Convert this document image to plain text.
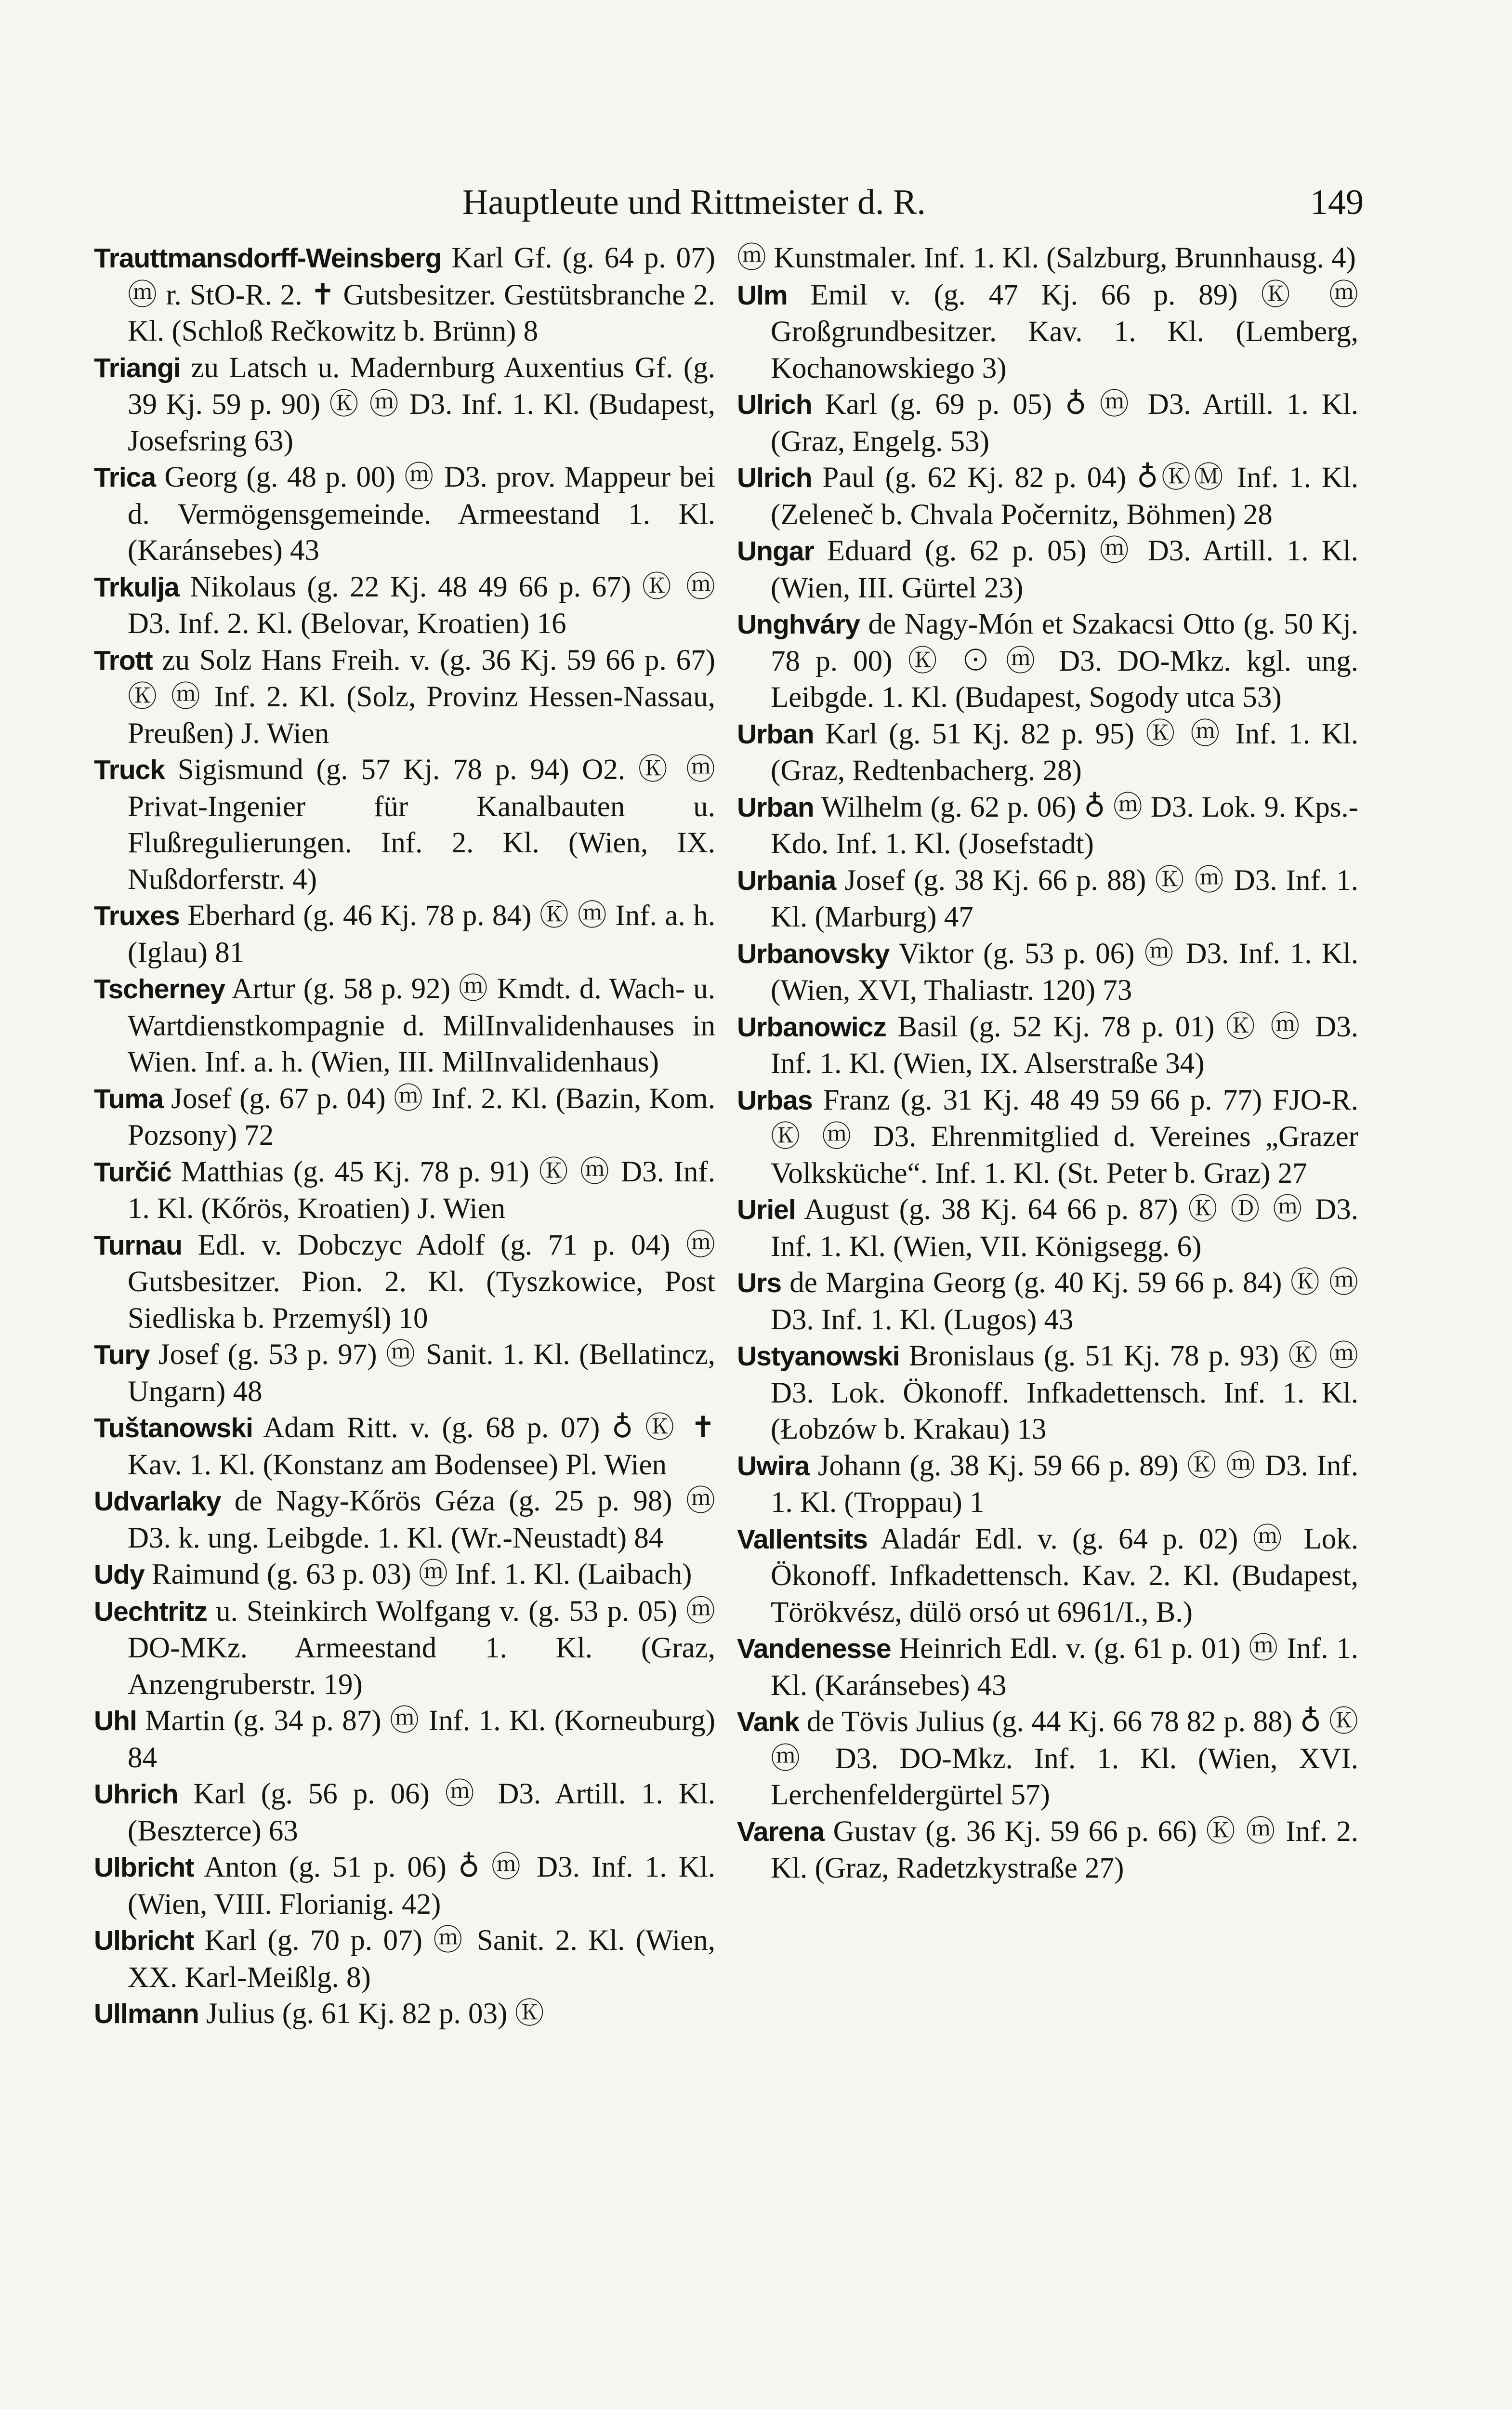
Hauptleute und Rittmeister d. R.	149

Trauttmansdorff-Weinsberg Karl Gf. (g. 64 p. 07) ⓜ r. StO-R. 2. ✝ Gutsbesitzer. Gestütsbranche 2. Kl. (Schloß Rečkowitz b. Brünn) 8

Triangi zu Latsch u. Madernburg Auxentius Gf. (g. 39 Kj. 59 p. 90) Ⓚ ⓜ D3. Inf. 1. Kl. (Budapest, Josefsring 63)

Trica Georg (g. 48 p. 00) ⓜ D3. prov. Mappeur bei d. Vermögensgemeinde. Armeestand 1. Kl. (Karánsebes) 43

Trkulja Nikolaus (g. 22 Kj. 48 49 66 p. 67) Ⓚ ⓜ D3. Inf. 2. Kl. (Belovar, Kroatien) 16

Trott zu Solz Hans Freih. v. (g. 36 Kj. 59 66 p. 67) Ⓚ ⓜ Inf. 2. Kl. (Solz, Provinz Hessen-Nassau, Preußen) J. Wien

Truck Sigismund (g. 57 Kj. 78 p. 94) O2. Ⓚ ⓜ Privat-Ingenier für Kanalbauten u. Flußregulierungen. Inf. 2. Kl. (Wien, IX. Nußdorferstr. 4)

Truxes Eberhard (g. 46 Kj. 78 p. 84) Ⓚ ⓜ Inf. a. h. (Iglau) 81

Tscherney Artur (g. 58 p. 92) ⓜ Kmdt. d. Wach- u. Wartdienstkompagnie d. MilInvalidenhauses in Wien. Inf. a. h. (Wien, III. MilInvalidenhaus)

Tuma Josef (g. 67 p. 04) ⓜ Inf. 2. Kl. (Bazin, Kom. Pozsony) 72

Turčić Matthias (g. 45 Kj. 78 p. 91) Ⓚ ⓜ D3. Inf. 1. Kl. (Kőrös, Kroatien) J. Wien

Turnau Edl. v. Dobczyc Adolf (g. 71 p. 04) ⓜ Gutsbesitzer. Pion. 2. Kl. (Tyszkowice, Post Siedliska b. Przemyśl) 10

Tury Josef (g. 53 p. 97) ⓜ Sanit. 1. Kl. (Bellatincz, Ungarn) 48

Tuštanowski Adam Ritt. v. (g. 68 p. 07) ♁ Ⓚ ✝ Kav. 1. Kl. (Konstanz am Bodensee) Pl. Wien

Udvarlaky de Nagy-Kőrös Géza (g. 25 p. 98) ⓜ D3. k. ung. Leibgde. 1. Kl. (Wr.-Neustadt) 84

Udy Raimund (g. 63 p. 03) ⓜ Inf. 1. Kl. (Laibach)

Uechtritz u. Steinkirch Wolfgang v. (g. 53 p. 05) ⓜ DO-MKz. Armeestand 1. Kl. (Graz, Anzengruberstr. 19)

Uhl Martin (g. 34 p. 87) ⓜ Inf. 1. Kl. (Korneuburg) 84

Uhrich Karl (g. 56 p. 06) ⓜ D3. Artill. 1. Kl. (Beszterce) 63

Ulbricht Anton (g. 51 p. 06) ♁ ⓜ D3. Inf. 1. Kl. (Wien, VIII. Florianig. 42)

Ulbricht Karl (g. 70 p. 07) ⓜ Sanit. 2. Kl. (Wien, XX. Karl-Meißlg. 8)

Ullmann Julius (g. 61 Kj. 82 p. 03) Ⓚ

ⓜ Kunstmaler. Inf. 1. Kl. (Salzburg, Brunnhausg. 4)

Ulm Emil v. (g. 47 Kj. 66 p. 89) Ⓚ ⓜ Großgrundbesitzer. Kav. 1. Kl. (Lemberg, Kochanowskiego 3)

Ulrich Karl (g. 69 p. 05) ♁ ⓜ D3. Artill. 1. Kl. (Graz, Engelg. 53)

Ulrich Paul (g. 62 Kj. 82 p. 04) ♁ⓀⓂ Inf. 1. Kl. (Zeleneč b. Chvala Počernitz, Böhmen) 28

Ungar Eduard (g. 62 p. 05) ⓜ D3. Artill. 1. Kl. (Wien, III. Gürtel 23)

Unghváry de Nagy-Món et Szakacsi Otto (g. 50 Kj. 78 p. 00) Ⓚ ⊙ ⓜ D3. DO-Mkz. kgl. ung. Leibgde. 1. Kl. (Budapest, Sogody utca 53)

Urban Karl (g. 51 Kj. 82 p. 95) Ⓚ ⓜ Inf. 1. Kl. (Graz, Redtenbacherg. 28)

Urban Wilhelm (g. 62 p. 06) ♁ ⓜ D3. Lok. 9. Kps.-Kdo. Inf. 1. Kl. (Josefstadt)

Urbania Josef (g. 38 Kj. 66 p. 88) Ⓚ ⓜ D3. Inf. 1. Kl. (Marburg) 47

Urbanovsky Viktor (g. 53 p. 06) ⓜ D3. Inf. 1. Kl. (Wien, XVI, Thaliastr. 120) 73

Urbanowicz Basil (g. 52 Kj. 78 p. 01) Ⓚ ⓜ D3. Inf. 1. Kl. (Wien, IX. Alserstraße 34)

Urbas Franz (g. 31 Kj. 48 49 59 66 p. 77) FJO-R. Ⓚ ⓜ D3. Ehrenmitglied d. Vereines „Grazer Volksküche“. Inf. 1. Kl. (St. Peter b. Graz) 27

Uriel August (g. 38 Kj. 64 66 p. 87) Ⓚ Ⓓ ⓜ D3. Inf. 1. Kl. (Wien, VII. Königsegg. 6)

Urs de Margina Georg (g. 40 Kj. 59 66 p. 84) Ⓚ ⓜ D3. Inf. 1. Kl. (Lugos) 43

Ustyanowski Bronislaus (g. 51 Kj. 78 p. 93) Ⓚ ⓜ D3. Lok. Ökonoff. Infkadettensch. Inf. 1. Kl. (Łobzów b. Krakau) 13

Uwira Johann (g. 38 Kj. 59 66 p. 89) Ⓚ ⓜ D3. Inf. 1. Kl. (Troppau) 1

Vallentsits Aladár Edl. v. (g. 64 p. 02) ⓜ Lok. Ökonoff. Infkadettensch. Kav. 2. Kl. (Budapest, Törökvész, dülö orsó ut 6961/I., B.)

Vandenesse Heinrich Edl. v. (g. 61 p. 01) ⓜ Inf. 1. Kl. (Karánsebes) 43

Vank de Tövis Julius (g. 44 Kj. 66 78 82 p. 88) ♁ Ⓚ ⓜ D3. DO-Mkz. Inf. 1. Kl. (Wien, XVI. Lerchenfeldergürtel 57)

Varena Gustav (g. 36 Kj. 59 66 p. 66) Ⓚ ⓜ Inf. 2. Kl. (Graz, Radetzkystraße 27)
